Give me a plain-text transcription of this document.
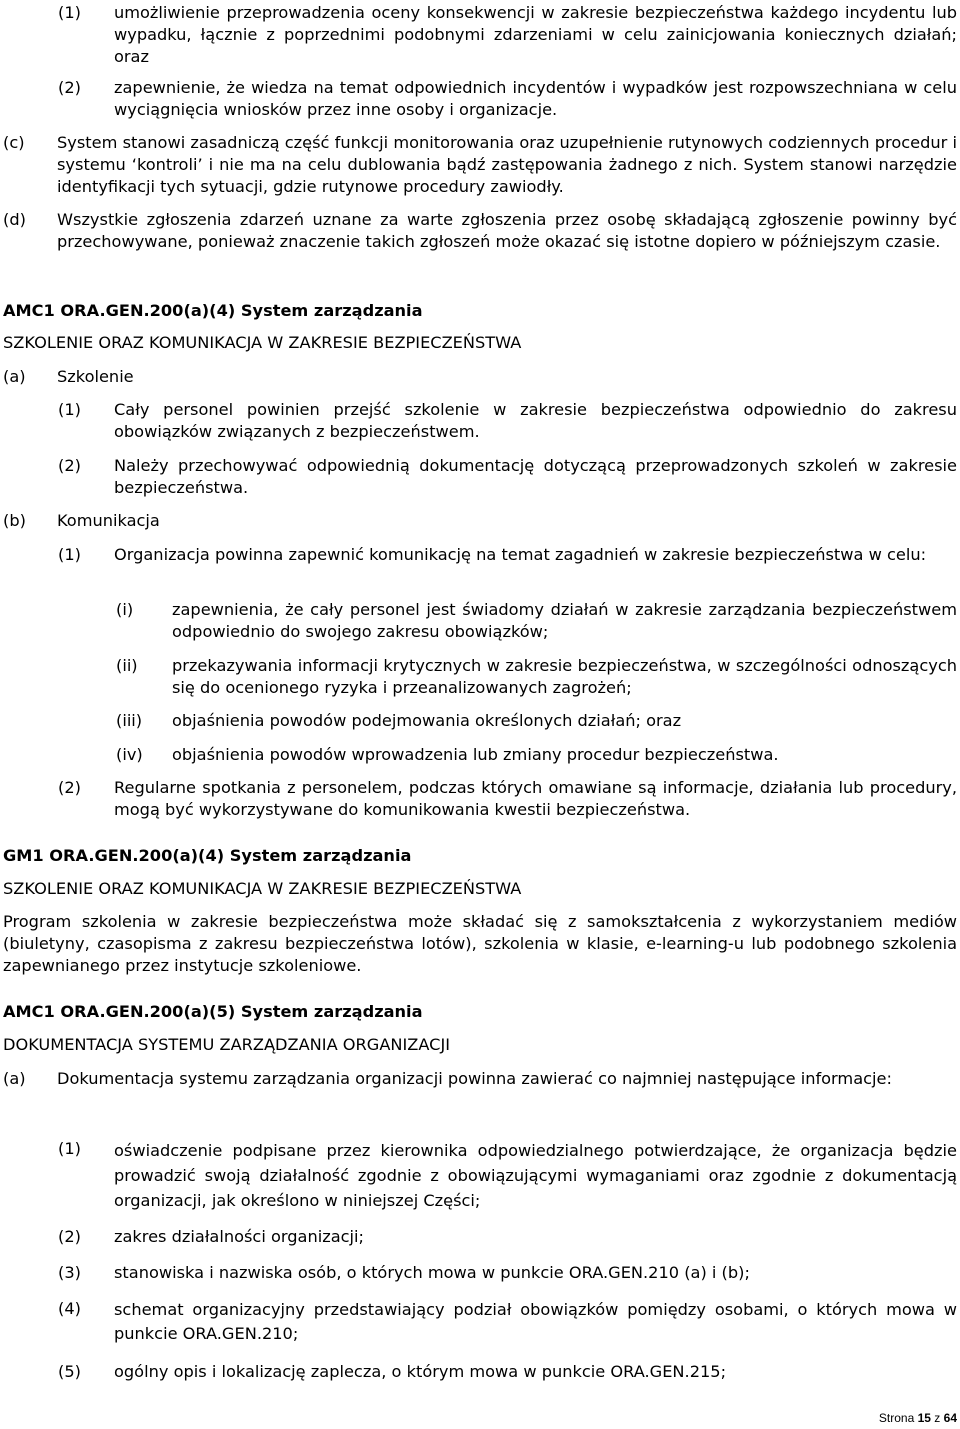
(1) umożliwienie przeprowadzenia oceny konsekwencji w zakresie bezpieczeństwa każdego incydentu lub wypadku, łącznie z poprzednimi podobnymi zdarzeniami w celu zainicjowania koniecznych działań; oraz
(2) zapewnienie, że wiedza na temat odpowiednich incydentów i wypadków jest rozpowszechniana w celu wyciągnięcia wniosków przez inne osoby i organizacje.
(c) System stanowi zasadniczą część funkcji monitorowania oraz uzupełnienie rutynowych codziennych procedur i systemu ‘kontroli’ i nie ma na celu dublowania bądź zastępowania żadnego z nich. System stanowi narzędzie identyfikacji tych sytuacji, gdzie rutynowe procedury zawiodły.
(d) Wszystkie zgłoszenia zdarzeń uznane za warte zgłoszenia przez osobę składającą zgłoszenie powinny być przechowywane, ponieważ znaczenie takich zgłoszeń może okazać się istotne dopiero w późniejszym czasie.
AMC1 ORA.GEN.200(a)(4) System zarządzania
SZKOLENIE ORAZ KOMUNIKACJA W ZAKRESIE BEZPIECZEŃSTWA
(a) Szkolenie
(1) Cały personel powinien przejść szkolenie w zakresie bezpieczeństwa odpowiednio do zakresu obowiązków związanych z bezpieczeństwem.
(2) Należy przechowywać odpowiednią dokumentację dotyczącą przeprowadzonych szkoleń w zakresie bezpieczeństwa.
(b) Komunikacja
(1) Organizacja powinna zapewnić komunikację na temat zagadnień w zakresie bezpieczeństwa w celu:
(i) zapewnienia, że cały personel jest świadomy działań w zakresie zarządzania bezpieczeństwem odpowiednio do swojego zakresu obowiązków;
(ii) przekazywania informacji krytycznych w zakresie bezpieczeństwa, w szczególności odnoszących się do ocenionego ryzyka i przeanalizowanych zagrożeń;
(iii) objaśnienia powodów podejmowania określonych działań; oraz
(iv) objaśnienia powodów wprowadzenia lub zmiany procedur bezpieczeństwa.
(2) Regularne spotkania z personelem, podczas których omawiane są informacje, działania lub procedury, mogą być wykorzystywane do komunikowania kwestii bezpieczeństwa.
GM1 ORA.GEN.200(a)(4) System zarządzania
SZKOLENIE ORAZ KOMUNIKACJA W ZAKRESIE BEZPIECZEŃSTWA
Program szkolenia w zakresie bezpieczeństwa może składać się z samokształcenia z wykorzystaniem mediów (biuletyny, czasopisma z zakresu bezpieczeństwa lotów), szkolenia w klasie, e-learning-u lub podobnego szkolenia zapewnianego przez instytucje szkoleniowe.
AMC1 ORA.GEN.200(a)(5) System zarządzania
DOKUMENTACJA SYSTEMU ZARZĄDZANIA ORGANIZACJI
(a) Dokumentacja systemu zarządzania organizacji powinna zawierać co najmniej następujące informacje:
(1) oświadczenie podpisane przez kierownika odpowiedzialnego potwierdzające, że organizacja będzie prowadzić swoją działalność zgodnie z obowiązującymi wymaganiami oraz zgodnie z dokumentacją organizacji, jak określono w niniejszej Części;
(2) zakres działalności organizacji;
(3) stanowiska i nazwiska osób, o których mowa w punkcie ORA.GEN.210 (a) i (b);
(4) schemat organizacyjny przedstawiający podział obowiązków pomiędzy osobami, o których mowa w punkcie ORA.GEN.210;
(5) ogólny opis i lokalizację zaplecza, o którym mowa w punkcie ORA.GEN.215;
Strona 15 z 64
